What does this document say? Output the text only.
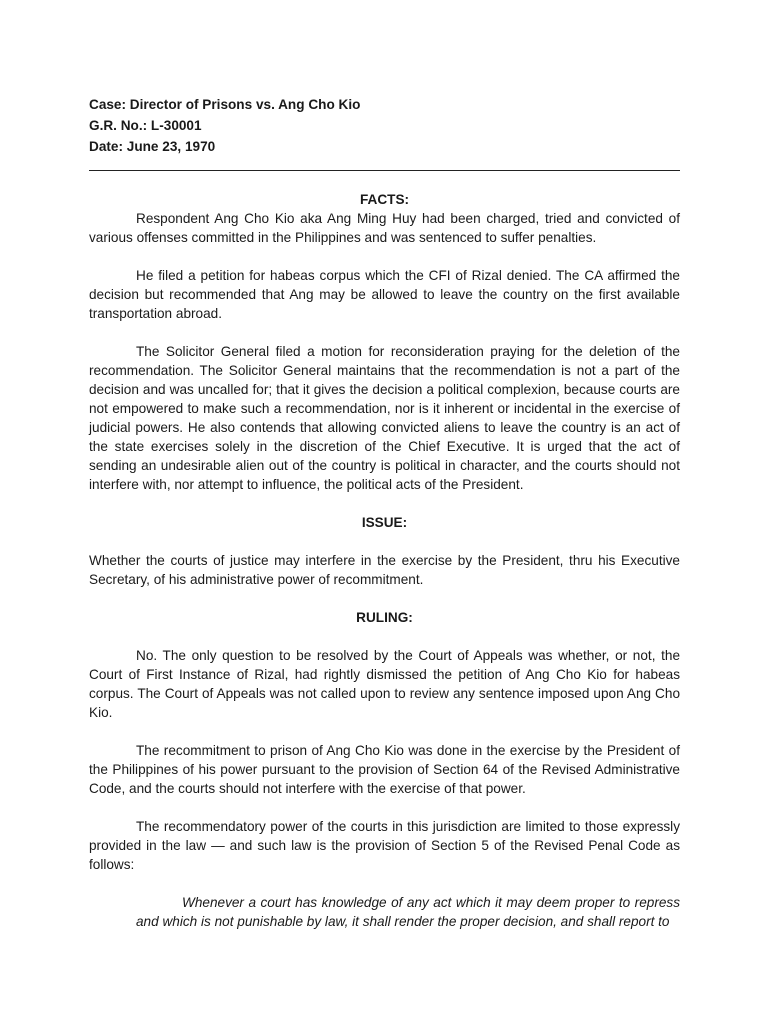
Case: Director of Prisons vs. Ang Cho Kio
G.R. No.: L-30001
Date: June 23, 1970
FACTS:

Respondent Ang Cho Kio aka Ang Ming Huy had been charged, tried and convicted of various offenses committed in the Philippines and was sentenced to suffer penalties.

He filed a petition for habeas corpus which the CFI of Rizal denied. The CA affirmed the decision but recommended that Ang may be allowed to leave the country on the first available transportation abroad.

The Solicitor General filed a motion for reconsideration praying for the deletion of the recommendation. The Solicitor General maintains that the recommendation is not a part of the decision and was uncalled for; that it gives the decision a political complexion, because courts are not empowered to make such a recommendation, nor is it inherent or incidental in the exercise of judicial powers. He also contends that allowing convicted aliens to leave the country is an act of the state exercises solely in the discretion of the Chief Executive. It is urged that the act of sending an undesirable alien out of the country is political in character, and the courts should not interfere with, nor attempt to influence, the political acts of the President.

ISSUE:

Whether the courts of justice may interfere in the exercise by the President, thru his Executive Secretary, of his administrative power of recommitment.

RULING:

No. The only question to be resolved by the Court of Appeals was whether, or not, the Court of First Instance of Rizal, had rightly dismissed the petition of Ang Cho Kio for habeas corpus. The Court of Appeals was not called upon to review any sentence imposed upon Ang Cho Kio.

The recommitment to prison of Ang Cho Kio was done in the exercise by the President of the Philippines of his power pursuant to the provision of Section 64 of the Revised Administrative Code, and the courts should not interfere with the exercise of that power.

The recommendatory power of the courts in this jurisdiction are limited to those expressly provided in the law — and such law is the provision of Section 5 of the Revised Penal Code as follows:

Whenever a court has knowledge of any act which it may deem proper to repress and which is not punishable by law, it shall render the proper decision, and shall report to
